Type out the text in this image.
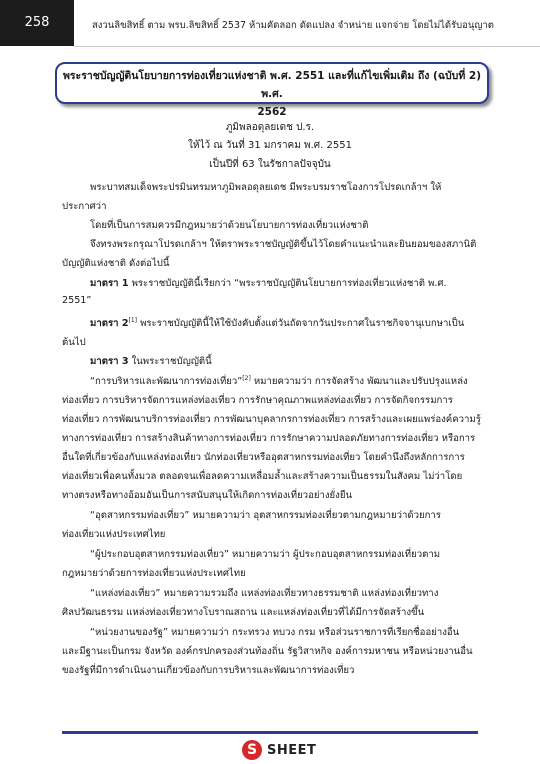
258	สงวนลิขสิทธิ์ ตาม พรบ.ลิขสิทธิ์ 2537 ห้ามคัดลอก ดัดแปลง จำหน่าย แจกจ่าย โดยไม่ได้รับอนุญาต

พระราชบัญญัตินโยบายการท่องเที่ยวแห่งชาติ พ.ศ. 2551 และที่แก้ไขเพิ่มเติม ถึง (ฉบับที่ 2) พ.ศ.

2562

ภูมิพลอดุลยเดช ป.ร.
ให้ไว้ ณ วันที่ 31 มกราคม พ.ศ. 2551
เป็นปีที่ 63 ในรัชกาลปัจจุบัน
พระบาทสมเด็จพระปรมินทรมหาภูมิพลอดุลยเดช มีพระบรมราชโองการโปรดเกล้าฯ ให้
ประกาศว่า
โดยที่เป็นการสมควรมีกฎหมายว่าด้วยนโยบายการท่องเที่ยวแห่งชาติ
จึงทรงพระกรุณาโปรดเกล้าฯ ให้ตราพระราชบัญญัติขึ้นไว้โดยคำแนะนำและยินยอมของสภานิติ
บัญญัติแห่งชาติ ดังต่อไปนี้
มาตรา 1 พระราชบัญญัตินี้เรียกว่า “พระราชบัญญัตินโยบายการท่องเที่ยวแห่งชาติ พ.ศ.
2551”
มาตรา 2[1] พระราชบัญญัตินี้ให้ใช้บังคับตั้งแต่วันถัดจากวันประกาศในราชกิจจานุเบกษาเป็น
ต้นไป
มาตรา 3 ในพระราชบัญญัตินี้
“การบริหารและพัฒนาการท่องเที่ยว”[2] หมายความว่า การจัดสร้าง พัฒนาและปรับปรุงแหล่ง
ท่องเที่ยว การบริหารจัดการแหล่งท่องเที่ยว การรักษาคุณภาพแหล่งท่องเที่ยว การจัดกิจกรรมการ
ท่องเที่ยว การพัฒนาบริการท่องเที่ยว การพัฒนาบุคลากรการท่องเที่ยว การสร้างและเผยแพร่องค์ความรู้
ทางการท่องเที่ยว การสร้างสินค้าทางการท่องเที่ยว การรักษาความปลอดภัยทางการท่องเที่ยว หรือการ
อื่นใดที่เกี่ยวข้องกับแหล่งท่องเที่ยว นักท่องเที่ยวหรืออุตสาหกรรมท่องเที่ยว โดยคำนึงถึงหลักการการ
ท่องเที่ยวเพื่อคนทั้งมวล ตลอดจนเพื่อลดความเหลื่อมล้ำและสร้างความเป็นธรรมในสังคม ไม่ว่าโดย
ทางตรงหรือทางอ้อมอันเป็นการสนับสนุนให้เกิดการท่องเที่ยวอย่างยั่งยืน
“อุตสาหกรรมท่องเที่ยว” หมายความว่า อุตสาหกรรมท่องเที่ยวตามกฎหมายว่าด้วยการ
ท่องเที่ยวแห่งประเทศไทย
“ผู้ประกอบอุตสาหกรรมท่องเที่ยว” หมายความว่า ผู้ประกอบอุตสาหกรรมท่องเที่ยวตาม
กฎหมายว่าด้วยการท่องเที่ยวแห่งประเทศไทย
“แหล่งท่องเที่ยว” หมายความรวมถึง แหล่งท่องเที่ยวทางธรรมชาติ แหล่งท่องเที่ยวทาง
ศิลปวัฒนธรรม แหล่งท่องเที่ยวทางโบราณสถาน และแหล่งท่องเที่ยวที่ได้มีการจัดสร้างขึ้น
“หน่วยงานของรัฐ” หมายความว่า กระทรวง ทบวง กรม หรือส่วนราชการที่เรียกชื่ออย่างอื่น
และมีฐานะเป็นกรม จังหวัด องค์กรปกครองส่วนท้องถิ่น รัฐวิสาหกิจ องค์การมหาชน หรือหน่วยงานอื่น
ของรัฐที่มีการดำเนินงานเกี่ยวข้องกับการบริหารและพัฒนาการท่องเที่ยว
S SHEET
